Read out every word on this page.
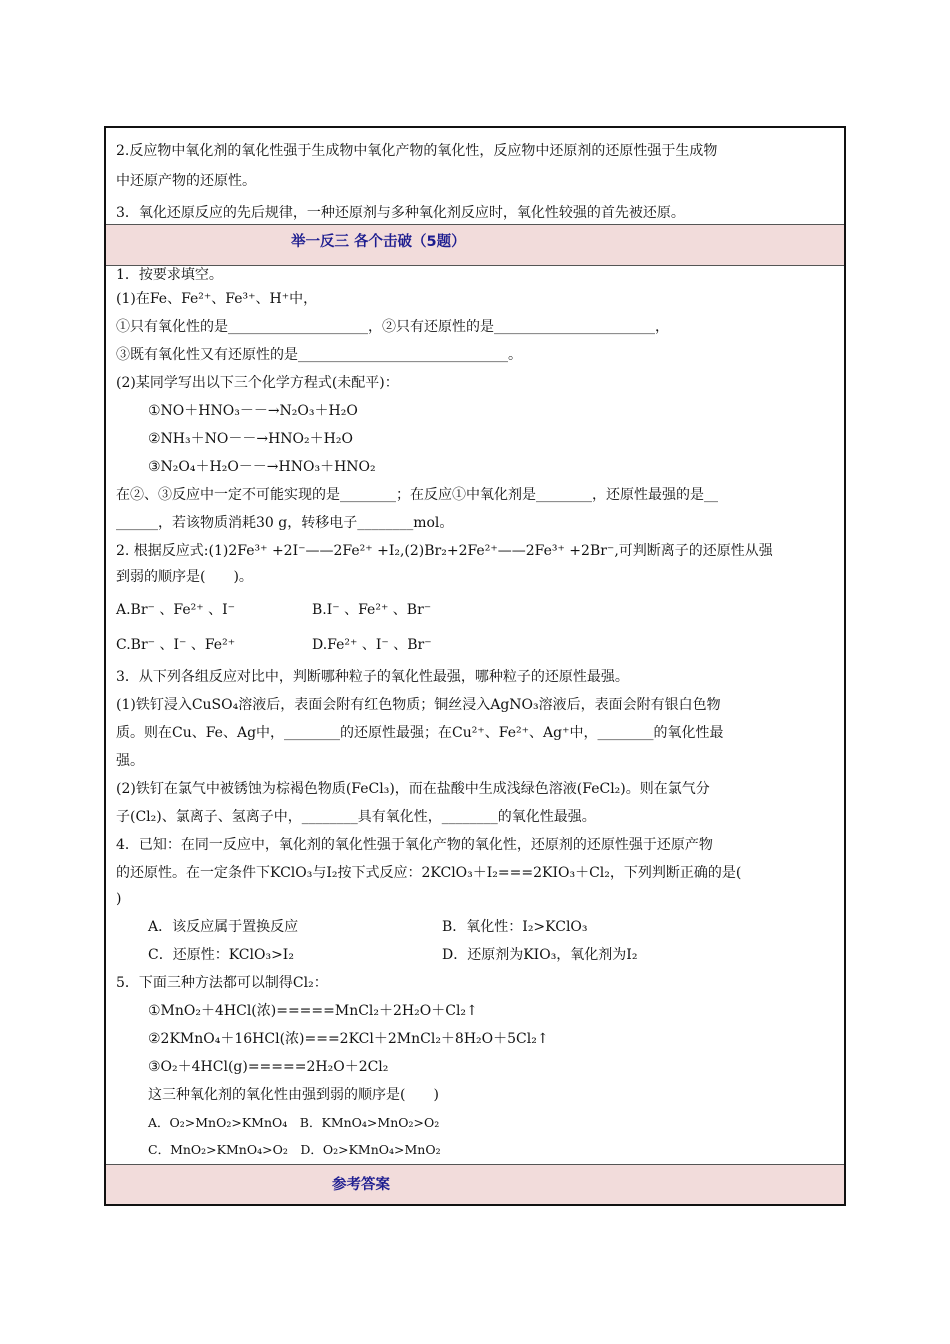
2.反应物中氧化剂的氧化性强于生成物中氧化产物的氧化性，反应物中还原剂的还原性强于生成物
中还原产物的还原性。
3．氧化还原反应的先后规律，一种还原剂与多种氧化剂反应时，氧化性较强的首先被还原。
举一反三 各个击破（5题）
1．按要求填空。
(1)在Fe、Fe²⁺、Fe³⁺、H⁺中，
①只有氧化性的是____________________，②只有还原性的是_______________________，
③既有氧化性又有还原性的是______________________________。
(2)某同学写出以下三个化学方程式(未配平)：
①NO＋HNO₃－－→N₂O₃＋H₂O
②NH₃＋NO－－→HNO₂＋H₂O
③N₂O₄＋H₂O－－→HNO₃＋HNO₂
在②、③反应中一定不可能实现的是________；在反应①中氧化剂是________，还原性最强的是__
______，若该物质消耗30 g，转移电子________mol。
2. 根据反应式:(1)2Fe³⁺ +2I⁻——2Fe²⁺ +I₂,(2)Br₂+2Fe²⁺——2Fe³⁺ +2Br⁻,可判断离子的还原性从强
到弱的顺序是(　　)。
A.Br⁻ 、Fe²⁺ 、I⁻	B.I⁻ 、Fe²⁺ 、Br⁻
C.Br⁻ 、I⁻ 、Fe²⁺	D.Fe²⁺ 、I⁻ 、Br⁻
3．从下列各组反应对比中，判断哪种粒子的氧化性最强，哪种粒子的还原性最强。
(1)铁钉浸入CuSO₄溶液后，表面会附有红色物质；铜丝浸入AgNO₃溶液后，表面会附有银白色物
质。则在Cu、Fe、Ag中，________的还原性最强；在Cu²⁺、Fe²⁺、Ag⁺中，________的氧化性最
强。
(2)铁钉在氯气中被锈蚀为棕褐色物质(FeCl₃)，而在盐酸中生成浅绿色溶液(FeCl₂)。则在氯气分
子(Cl₂)、氯离子、氢离子中，________具有氧化性，________的氧化性最强。
4．已知：在同一反应中，氧化剂的氧化性强于氧化产物的氧化性，还原剂的还原性强于还原产物
的还原性。在一定条件下KClO₃与I₂按下式反应：2KClO₃＋I₂===2KIO₃＋Cl₂，下列判断正确的是(
)
A．该反应属于置换反应	B．氧化性：I₂>KClO₃
C．还原性：KClO₃>I₂	D．还原剂为KIO₃，氧化剂为I₂
5．下面三种方法都可以制得Cl₂：
①MnO₂＋4HCl(浓)=====MnCl₂＋2H₂O＋Cl₂↑
②2KMnO₄＋16HCl(浓)===2KCl＋2MnCl₂＋8H₂O＋5Cl₂↑
③O₂＋4HCl(g)=====2H₂O＋2Cl₂
这三种氧化剂的氧化性由强到弱的顺序是(　　)
A．O₂>MnO₂>KMnO₄　B．KMnO₄>MnO₂>O₂
C．MnO₂>KMnO₄>O₂　D．O₂>KMnO₄>MnO₂
参考答案
